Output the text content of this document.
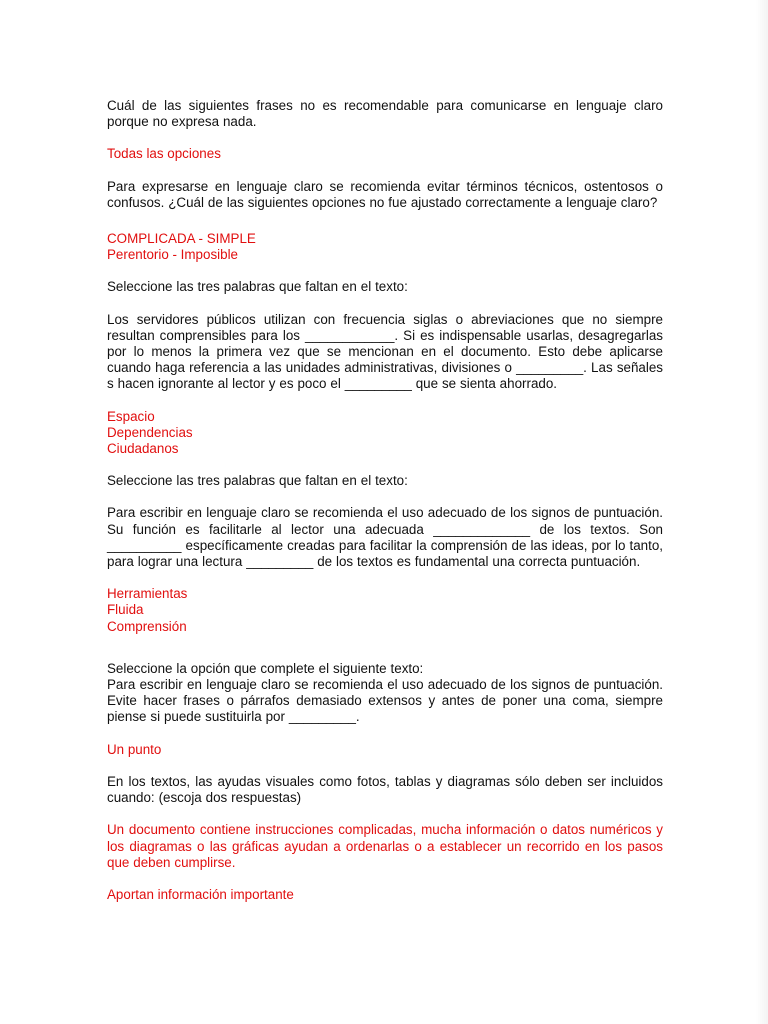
Cuál de las siguientes frases no es recomendable para comunicarse en lenguaje claro porque no expresa nada.

Todas las opciones

Para expresarse en lenguaje claro se recomienda evitar términos técnicos, ostentosos o confusos. ¿Cuál de las siguientes opciones no fue ajustado correctamente a lenguaje claro?

COMPLICADA - SIMPLE

Perentorio - Imposible

Seleccione las tres palabras que faltan en el texto:

Los servidores públicos utilizan con frecuencia siglas o abreviaciones que no siempre resultan comprensibles para los ____________. Si es indispensable usarlas, desagregarlas por lo menos la primera vez que se mencionan en el documento. Esto debe aplicarse cuando haga referencia a las unidades administrativas, divisiones o _________. Las señales s hacen ignorante al lector y es poco el _________ que se sienta ahorrado.

Espacio

Dependencias

Ciudadanos

Seleccione las tres palabras que faltan en el texto:

Para escribir en lenguaje claro se recomienda el uso adecuado de los signos de puntuación. Su función es facilitarle al lector una adecuada _____________ de los textos. Son __________ específicamente creadas para facilitar la comprensión de las ideas, por lo tanto, para lograr una lectura _________ de los textos es fundamental una correcta puntuación.

Herramientas

Fluida

Comprensión

Seleccione la opción que complete el siguiente texto:

Para escribir en lenguaje claro se recomienda el uso adecuado de los signos de puntuación. Evite hacer frases o párrafos demasiado extensos y antes de poner una coma, siempre piense si puede sustituirla por _________.

Un punto

En los textos, las ayudas visuales como fotos, tablas y diagramas sólo deben ser incluidos cuando: (escoja dos respuestas)

Un documento contiene instrucciones complicadas, mucha información o datos numéricos y los diagramas o las gráficas ayudan a ordenarlas o a establecer un recorrido en los pasos que deben cumplirse.

Aportan información importante
